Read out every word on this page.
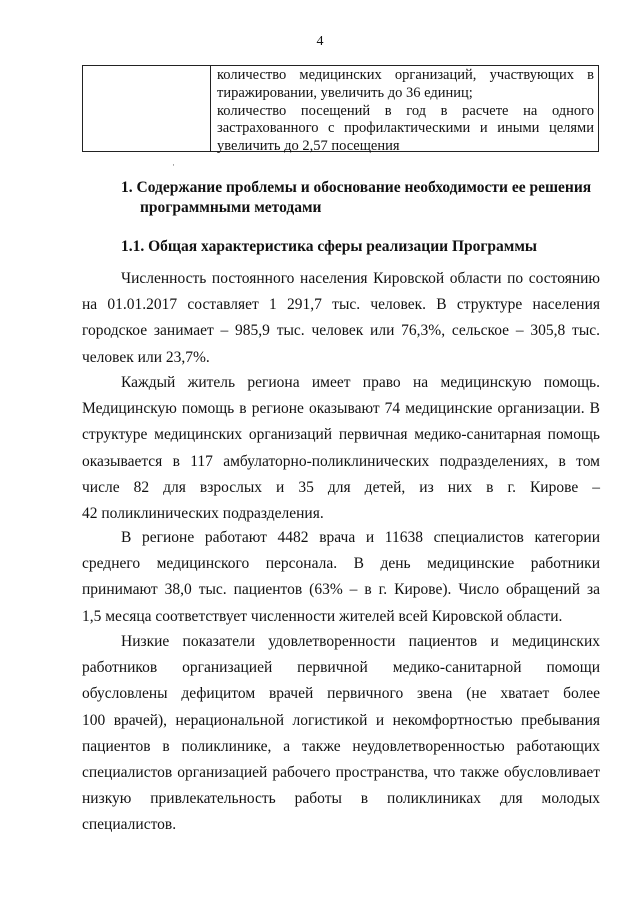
4

количество медицинских организаций, участвующих в

тиражировании, увеличить до 36 единиц;

количество посещений в год в расчете на одного

застрахованного с профилактическими и иными целями

увеличить до 2,57 посещения

·
1. Содержание проблемы и обоснование необходимости ее решения
программными методами
1.1. Общая характеристика сферы реализации Программы
Численность постоянного населения Кировской области по состоянию
на 01.01.2017 составляет 1 291,7 тыс. человек. В структуре населения
городское занимает – 985,9 тыс. человек или 76,3%, сельское – 305,8 тыс.
человек или 23,7%.
Каждый житель региона имеет право на медицинскую помощь.
Медицинскую помощь в регионе оказывают 74 медицинские организации. В
структуре медицинских организаций первичная медико-санитарная помощь
оказывается в 117 амбулаторно-поликлинических подразделениях, в том
числе 82 для взрослых и 35 для детей, из них в г. Кирове –
42 поликлинических подразделения.
В регионе работают 4482 врача и 11638 специалистов категории
среднего медицинского персонала. В день медицинские работники
принимают 38,0 тыс. пациентов (63% – в г. Кирове). Число обращений за
1,5 месяца соответствует численности жителей всей Кировской области.
Низкие показатели удовлетворенности пациентов и медицинских
работников организацией первичной медико-санитарной помощи
обусловлены дефицитом врачей первичного звена (не хватает более
100 врачей), нерациональной логистикой и некомфортностью пребывания
пациентов в поликлинике, а также неудовлетворенностью работающих
специалистов организацией рабочего пространства, что также обусловливает
низкую привлекательность работы в поликлиниках для молодых
специалистов.
